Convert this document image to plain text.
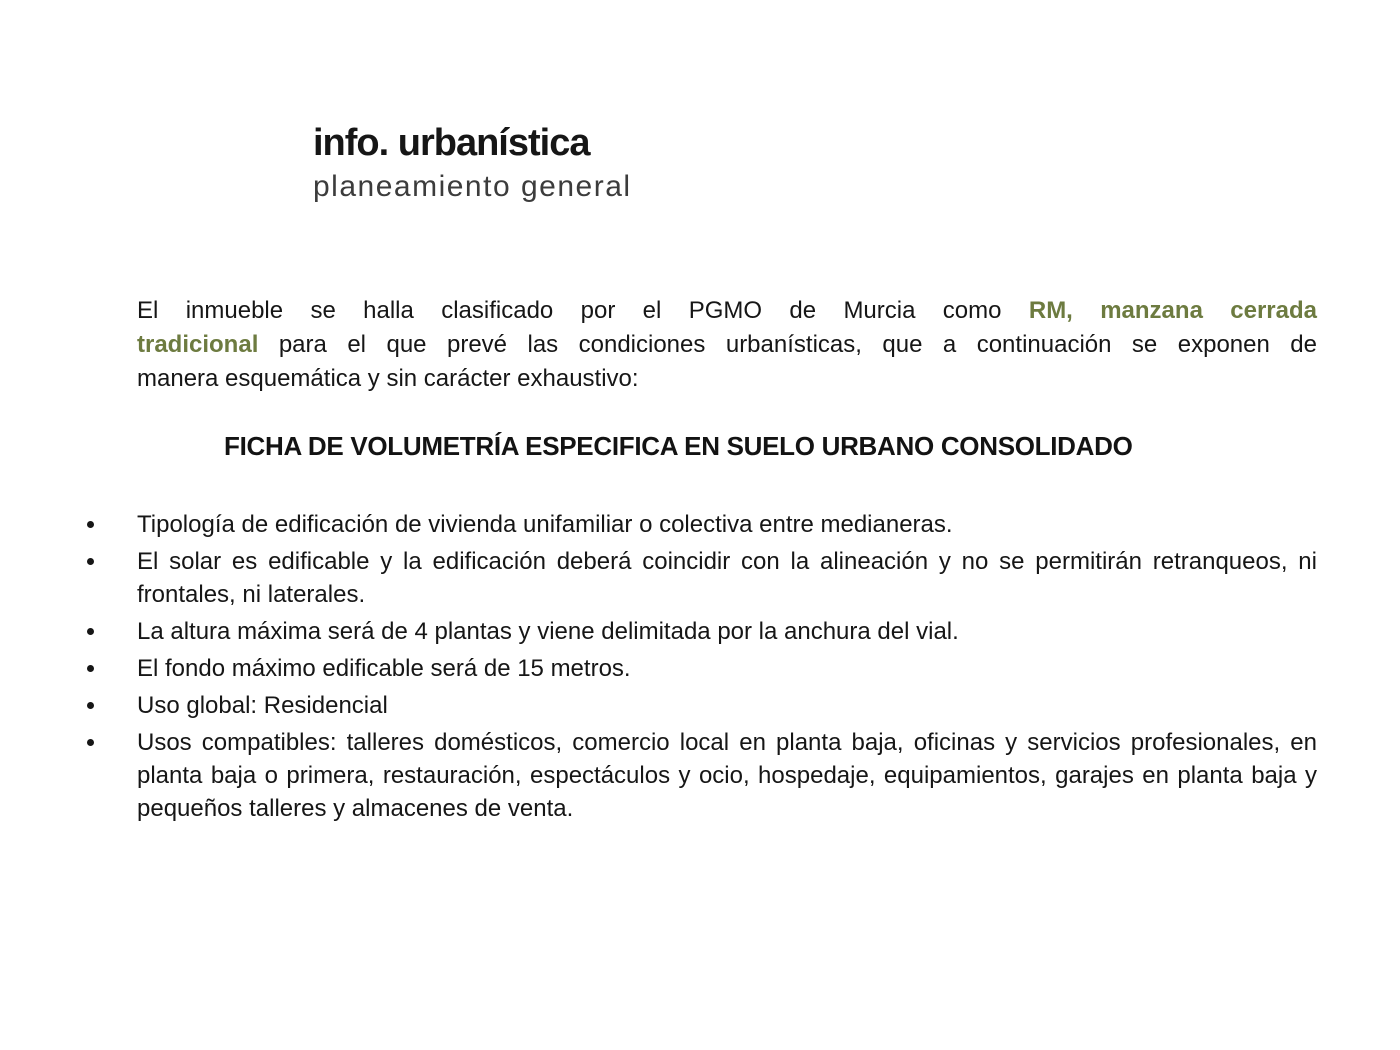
info. urbanística
planeamiento general
El inmueble se halla clasificado por el PGMO de Murcia como RM, manzana cerrada
tradicional para el que prevé las condiciones urbanísticas, que a continuación se exponen de
manera esquemática y sin carácter exhaustivo:
FICHA DE VOLUMETRÍA ESPECIFICA EN SUELO URBANO CONSOLIDADO
Tipología de edificación de vivienda unifamiliar o colectiva entre medianeras.
El solar es edificable y la edificación deberá coincidir con la alineación y no se permitirán retranqueos, ni frontales, ni laterales.
La altura máxima será de 4 plantas y viene delimitada por la anchura del vial.
El fondo máximo edificable será de 15 metros.
Uso global: Residencial
Usos compatibles: talleres domésticos, comercio local en planta baja, oficinas y servicios profesionales, en planta baja o primera, restauración, espectáculos y ocio, hospedaje, equipamientos, garajes en planta baja y pequeños talleres y almacenes de venta.
